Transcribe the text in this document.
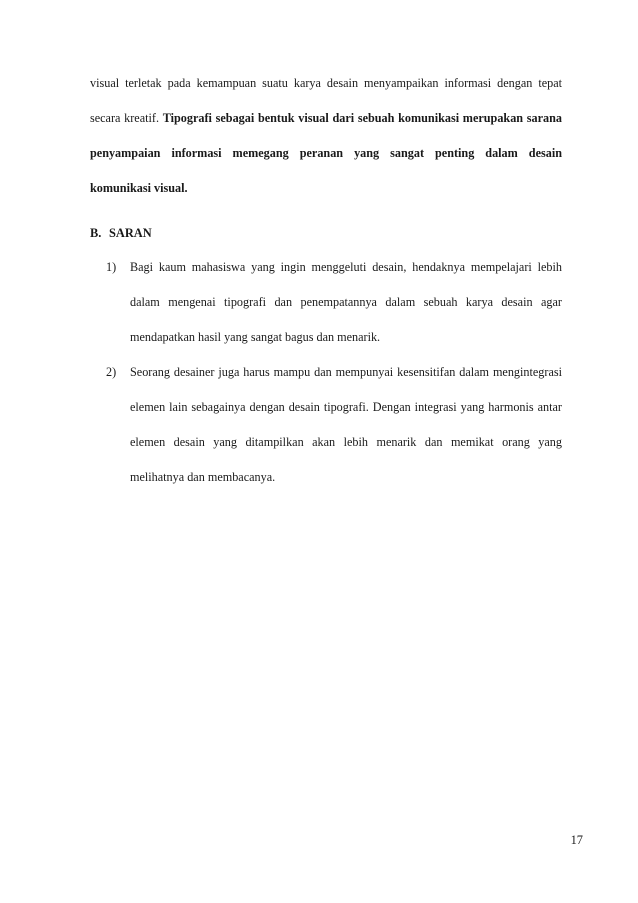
visual terletak pada kemampuan suatu karya desain menyampaikan informasi dengan tepat secara kreatif. Tipografi sebagai bentuk visual dari sebuah komunikasi merupakan sarana penyampaian informasi memegang peranan yang sangat penting dalam desain komunikasi visual.

B. SARAN
1) Bagi kaum mahasiswa yang ingin menggeluti desain, hendaknya mempelajari lebih dalam mengenai tipografi dan penempatannya dalam sebuah karya desain agar mendapatkan hasil yang sangat bagus dan menarik.
2) Seorang desainer juga harus mampu dan mempunyai kesensitifan dalam mengintegrasi elemen lain sebagainya dengan desain tipografi. Dengan integrasi yang harmonis antar elemen desain yang ditampilkan akan lebih menarik dan memikat orang yang melihatnya dan membacanya.
17
